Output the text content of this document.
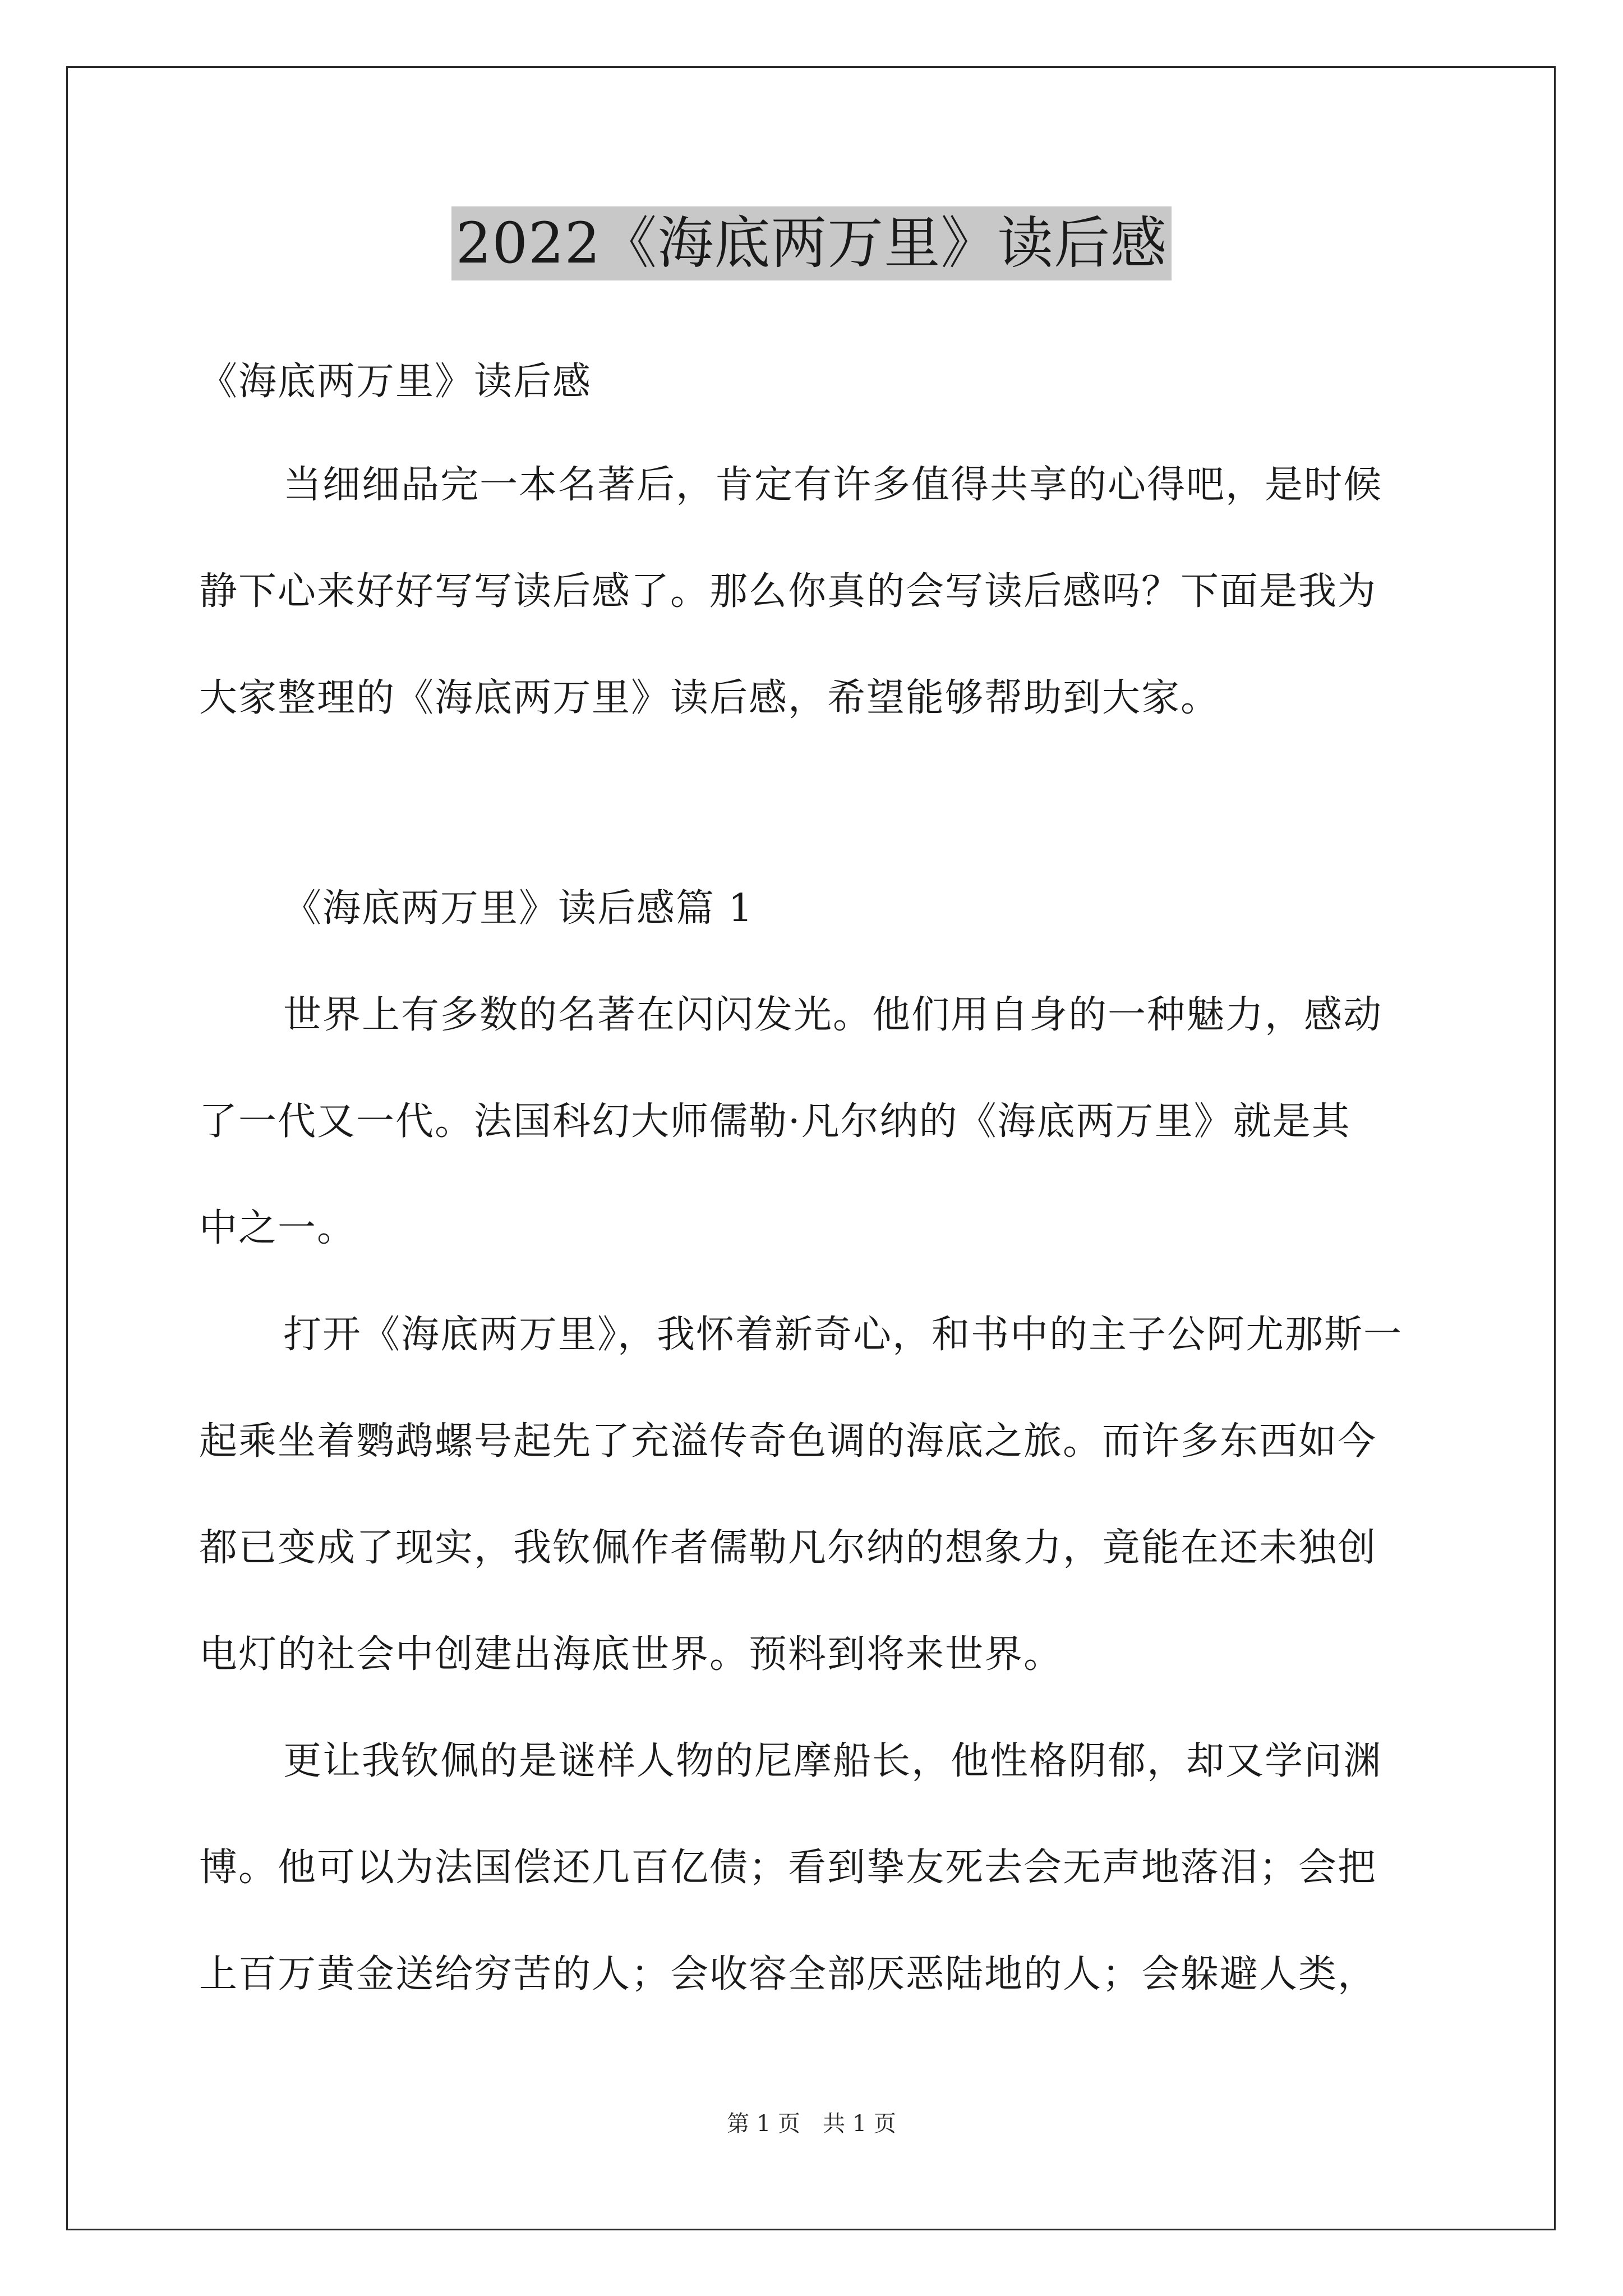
2022《海底两万里》读后感
《海底两万里》读后感
当细细品完一本名著后，肯定有许多值得共享的心得吧，是时候
静下心来好好写写读后感了。那么你真的会写读后感吗？下面是我为
大家整理的《海底两万里》读后感，希望能够帮助到大家。
《海底两万里》读后感篇 1
世界上有多数的名著在闪闪发光。他们用自身的一种魅力，感动
了一代又一代。法国科幻大师儒勒·凡尔纳的《海底两万里》就是其
中之一。
打开《海底两万里》，我怀着新奇心，和书中的主子公阿尤那斯一
起乘坐着鹦鹉螺号起先了充溢传奇色调的海底之旅。而许多东西如今
都已变成了现实，我钦佩作者儒勒凡尔纳的想象力，竟能在还未独创
电灯的社会中创建出海底世界。预料到将来世界。
更让我钦佩的是谜样人物的尼摩船长，他性格阴郁，却又学问渊
博。他可以为法国偿还几百亿债；看到挚友死去会无声地落泪；会把
上百万黄金送给穷苦的人；会收容全部厌恶陆地的人；会躲避人类，
第 1 页 共 1 页
